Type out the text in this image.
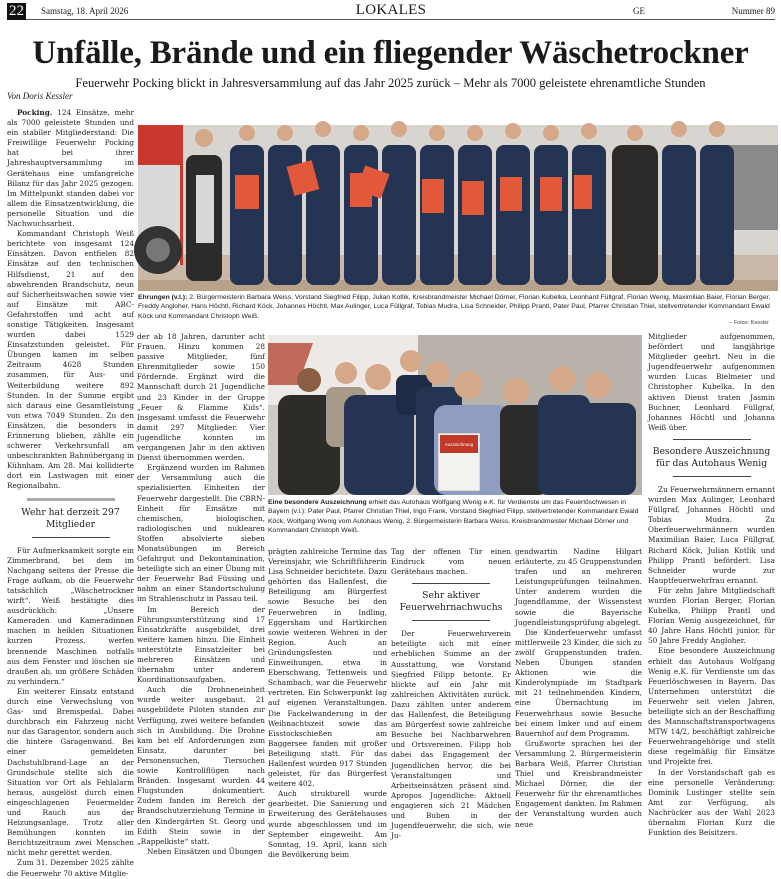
22 Samstag, 18. April 2026	LOKALES	GE	Nummer 89
Unfälle, Brände und ein fliegender Wäschetrockner
Feuerwehr Pocking blickt in Jahresversammlung auf das Jahr 2025 zurück – Mehr als 7000 geleistete ehrenamtliche Stunden
Von Doris Kessler

Pocking. 124 Einsätze, mehr als 7000 geleistete Stunden und ein stabiler Mitgliederstand: Die Freiwillige Feuerwehr Pocking hat bei ihrer Jahreshauptversammlung im Gerätehaus eine umfangreiche Bilanz für das Jahr 2025 gezogen. Im Mittelpunkt standen dabei vor allem die Einsatzentwicklung, die personelle Situation und die Nachwuchsarbeit.

Kommandant Christoph Weiß berichtete von insgesamt 124 Einsätzen. Davon entfielen 82 Einsätze auf den technischen Hilfsdienst, 21 auf den abwehrenden Brandschutz, neun auf Sicherheitswachen sowie vier auf Einsätze mit ABC-Gefahrstoffen und acht auf sonstige Tätigkeiten. Insgesamt wurden dabei 1529 Einsatzstunden geleistet. Für Übungen kamen im selben Zeitraum 4628 Stunden zusammen, für Aus- und Weiterbildung weitere 892 Stunden. In der Summe ergibt sich daraus eine Gesamtleistung von etwa 7049 Stunden. Zu den Einsätzen, die besonders in Erinnerung blieben, zählte ein schwerer Verkehrsunfall am unbeschrankten Bahnübergang in Kühnham. Am 28. Mai kollidierte dort ein Lastwagen mit einer Regionalbahn.

Wehr hat derzeit 297 Mitglieder

Für Aufmerksamkeit sorgte ein Zimmerbrand, bei dem im Nachgang seitens der Presse die Frage aufkam, ob die Feuerwehr tatsächlich „Wäschetrockner wirft“. Weiß bestätigte dies ausdrücklich: „Unsere Kameraden und Kameradinnen machen in heiklen Situationen kurzen Prozess, werfen brennende Maschinen notfalls aus dem Fenster und löschen sie draußen ab, um größere Schäden zu verhindern.“

Ein weiterer Einsatz entstand durch eine Verwechslung von Gas- und Bremspedal. Dabei durchbrach ein Fahrzeug nicht nur das Garagentor, sondern auch die hintere Garagenwand. Bei einer gemeldeten Dachstuhlbrand-Lage an der Grundschule stellte sich die Situation vor Ort als Fehlalarm heraus, ausgelöst durch einen eingeschlagenen Feuermelder und Rauch aus der Heizungsanlage. Trotz aller Bemühungen konnten im Berichtszeitraum zwei Menschen nicht mehr gerettet werden.

Zum 31. Dezember 2025 zählte die Feuerwehr 70 aktive Mitglie-

Ehrungen (v.l.): 2. Bürgermeisterin Barbara Weiss, Vorstand Siegfried Filipp, Julian Kotlik, Kreisbrandmeister Michael Dörner, Florian Kubelka, Leonhard Füllgraf, Florian Wenig, Maximilian Baier, Florian Berger, Freddy Angloher, Hans Höchtl, Richard Köck, Johannes Höchtl, Max Aulinger, Luca Füllgraf, Tobias Mudra, Lisa Schneider, Philipp Prantl, Pater Paul, Pfarrer Christian Thiel, stellvertretender Kommandant Ewald Köck und Kommandant Christoph Weiß.
– Fotos: Kessler

der ab 18 Jahren, darunter acht Frauen. Hinzu kommen 28 passive Mitglieder, fünf Ehrenmitglieder sowie 150 Fördernde. Ergänzt wird die Mannschaft durch 21 Jugendliche und 23 Kinder in der Gruppe „Feuer & Flamme Kids“. Insgesamt umfasst die Feuerwehr damit 297 Mitglieder. Vier Jugendliche konnten im vergangenen Jahr in den aktiven Dienst übernommen werden.

Ergänzend wurden im Rahmen der Versammlung auch die spezialisierten Einheiten der Feuerwehr dargestellt. Die CBRN-Einheit für Einsätze mit chemischen, biologischen, radiologischen und nuklearen Stoffen absolvierte sieben Monatsübungen im Bereich Gefahrgut und Dekontamination, beteiligte sich an einer Übung mit der Feuerwehr Bad Füssing und nahm an einer Standortschulung im Strahlenschutz in Passau teil.

Im Bereich der Führungsunterstützung sind 17 Einsatzkräfte ausgebildet, drei weitere kamen hinzu. Die Einheit unterstützte Einsatzleiter bei mehreren Einsätzen und übernahm unter anderem Koordinationsaufgaben.

Auch die Drohneneinheit wurde weiter ausgebaut. 21 ausgebildete Piloten standen zur Verfügung, zwei weitere befanden sich in Ausbildung. Die Drohne kam bei elf Anforderungen zum Einsatz, darunter bei Personensuchen, Tiersuchen sowie Kontrollflügen nach Bränden. Insgesamt wurden 44 Flugstunden dokumentiert. Zudem fanden im Bereich der Brandschutzerziehung Termine in den Kindergärten St. Georg und Edith Stein sowie in der „Rappelkiste“ statt.

Neben Einsätzen und Übungen

Auszeichnung
Eine besondere Auszeichnung erhielt das Autohaus Wolfgang Wenig e.K. für Verdienste um das Feuerlöschwesen in Bayern (v.l.): Pater Paul, Pfarrer Christian Thiel, Ingo Frank, Vorstand Siegfried Filipp, stellvertretender Kommandant Ewald Köck, Wolfgang Wenig vom Autohaus Wenig, 2. Bürgermeisterin Barbara Weiss, Kreisbrandmeister Michael Dörner und Kommandant Christoph Weiß.

prägten zahlreiche Termine das Vereinsjahr, wie Schriftführerin Lisa Schneider berichtete. Dazu gehörten das Hallenfest, die Beteiligung am Bürgerfest sowie Besuche bei den Feuerwehren in Indling, Eggersham und Hartkirchen sowie weiteren Wehren in der Region. Auch an Gründungsfesten und Einweihungen, etwa in Eberschwang, Tettenweis und Schambach, war die Feuerwehr vertreten. Ein Schwerpunkt lag auf eigenen Veranstaltungen. Die Fackelwanderung in der Weihnachtszeit sowie das Eisstockschießen am Baggersee fanden mit großer Beteiligung statt. Für das Hallenfest wurden 917 Stunden geleistet, für das Bürgerfest weitere 402.

Auch strukturell wurde gearbeitet. Die Sanierung und Erweiterung des Gerätehauses wurde abgeschlossen und im September eingeweiht. Am Sonntag, 19. April, kann sich die Bevölkerung beim

Tag der offenen Tür einen Eindruck vom neuen Gerätehaus machen.

Sehr aktiver Feuerwehrnachwuchs

Der Feuerwehrverein beteiligte sich mit einer erheblichen Summe an der Ausstattung, wie Vorstand Siegfried Filipp betonte. Er blickte auf ein Jahr mit zahlreichen Aktivitäten zurück. Dazu zählten unter anderem das Hallenfest, die Beteiligung am Bürgerfest sowie zahlreiche Besuche bei Nachbarwehren und Ortsvereinen. Filipp hob dabei das Engagement der Jugendlichen hervor, die bei Veranstaltungen und Arbeitseinsätzen präsent sind. Apropos Jugendliche: Aktuell engagieren sich 21 Mädchen und Buben in der Jugendfeuerwehr, die sich, wie Ju-

gendwartin Nadine Hilgart erläuterte, zu 45 Gruppenstunden trafen und an mehreren Leistungsprüfungen teilnahmen. Unter anderem wurden die Jugendflamme, der Wissenstest sowie die Bayerische Jugendleistungsprüfung abgelegt.

Die Kinderfeuerwehr umfasst mittlerweile 23 Kinder, die sich zu zwölf Gruppenstunden trafen. Neben Übungen standen Aktionen wie die Kinderolympiade im Stadtpark mit 21 teilnehmenden Kindern, eine Übernachtung im Feuerwehrhaus sowie Besuche bei einem Imker und auf einem Bauernhof auf dem Programm.

Grußworte sprachen bei der Versammlung 2. Bürgermeisterin Barbara Weiß, Pfarrer Christian Thiel und Kreisbrandmeister Michael Dörner, die der Feuerwehr für ihr ehrenamtliches Engagement dankten. Im Rahmen der Veranstaltung wurden auch neue

Mitglieder aufgenommen, befördert und langjährige Mitglieder geehrt. Neu in die Jugendfeuerwehr aufgenommen wurden Lucas Bielmeier und Christopher Kubelka. In den aktiven Dienst traten Jasmin Buchner, Leonhard Füllgraf, Johannes Höchtl und Johanna Weiß über.

Besondere Auszeichnung für das Autohaus Wenig

Zu Feuerwehrmännern ernannt wurden Max Aulinger, Leonhard Füllgraf, Johannes Höchtl und Tobias Mudra. Zu Oberfeuerwehrmännern wurden Maximilian Baier, Luca Füllgraf, Richard Köck, Julian Kotlik und Philipp Prantl befördert. Lisa Schneider wurde zur Hauptfeuerwehrfrau ernannt.

Für zehn Jahre Mitgliedschaft wurden Florian Berger, Florian Kubelka, Philipp Prantl und Florian Wenig ausgezeichnet, für 40 Jahre Hans Höchtl junior, für 50 Jahre Freddy Angloher.

Eine besondere Auszeichnung erhielt das Autohaus Wolfgang Wenig e.K. für Verdienste um das Feuerlöschwesen in Bayern. Das Unternehmen unterstützt die Feuerwehr seit vielen Jahren, beteiligte sich an der Beschaffung des Mannschaftstransportwagens MTW 14/2, beschäftigt zahlreiche Feuerwehrangehörige und stellt diese regelmäßig für Einsätze und Projekte frei.

In der Vorstandschaft gab es eine personelle Veränderung: Dominik Lustinger stellte sein Amt zur Verfügung, als Nachrücker aus der Wahl 2023 übernahm Florian Kurz die Funktion des Beisitzers.
